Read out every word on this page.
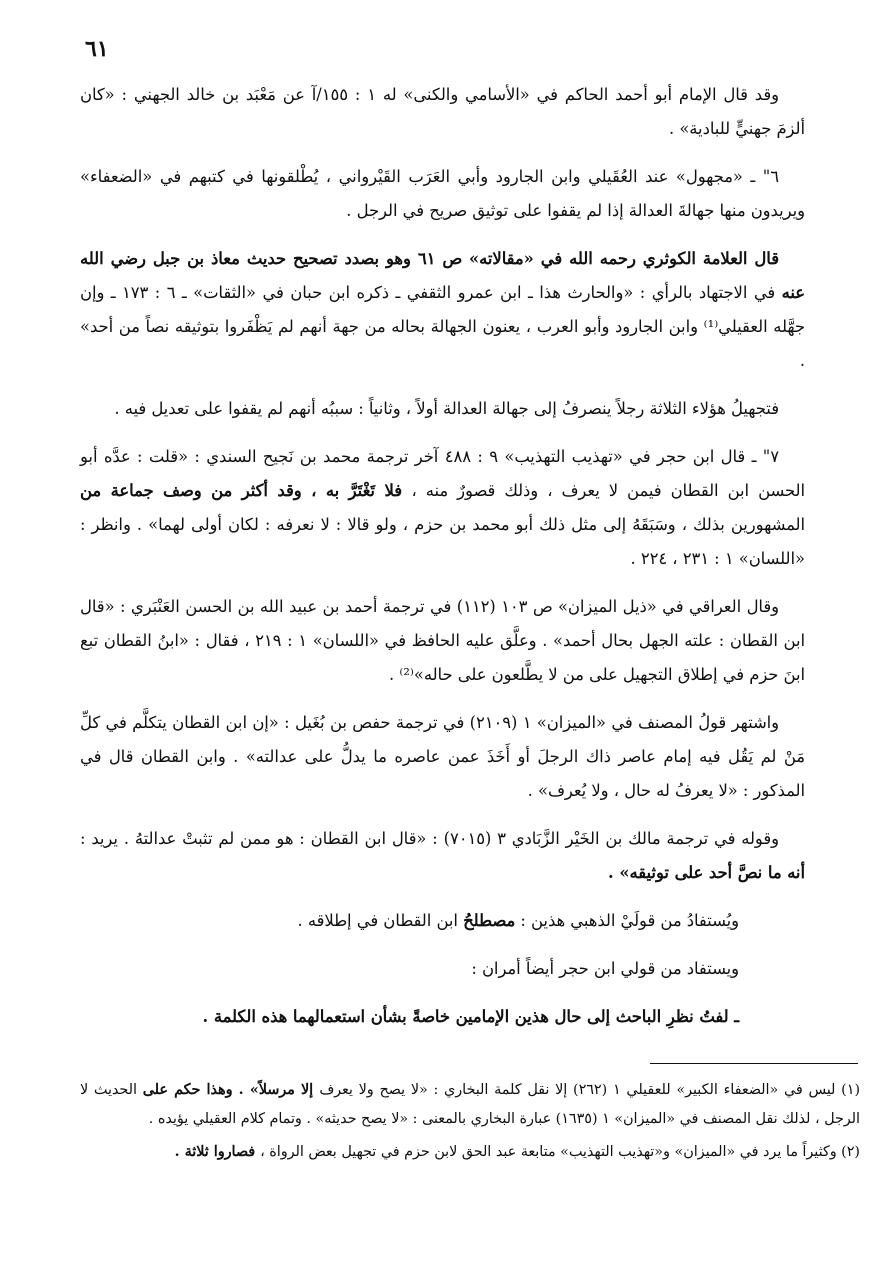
٦١

وقد قال الإمام أبو أحمد الحاكم في «الأسامي والكنى» له ١ : ١٥٥/آ عن مَعْبَد بن خالد الجهني : «كان ألزمَ جهنيٍّ للبادية» .

٦" ـ «مجهول» عند العُقَيلي وابن الجارود وأبي العَرَب القَيْرواني ، يُطْلقونها في كتبهم في «الضعفاء» ويريدون منها جهالةَ العدالة إذا لم يقفوا على توثيق صريح في الرجل .

قال العلامة الكوثري رحمه الله في «مقالاته» ص ٦١ وهو بصدد تصحيح حديث معاذ بن جبل رضي الله عنه في الاجتهاد بالرأي : «والحارث هذا ـ ابن عمرو الثقفي ـ ذكره ابن حبان في «الثقات» ـ ٦ : ١٧٣ ـ وإن جهَّله العقيلي⁽¹⁾ وابن الجارود وأبو العرب ، يعنون الجهالة بحاله من جهة أنهم لم يَظْفَروا بتوثيقه نصاً من أحد» .

فتجهيلُ هؤلاء الثلاثة رجلاً ينصرفُ إلى جهالة العدالة أولاً ، وثانياً : سببُه أنهم لم يقفوا على تعديل فيه .

٧" ـ قال ابن حجر في «تهذيب التهذيب» ٩ : ٤٨٨ آخر ترجمة محمد بن نَجيح السندي : «قلت : عدَّه أبو الحسن ابن القطان فيمن لا يعرف ، وذلك قصورٌ منه ، فلا تَغْتَرَّ به ، وقد أكثر من وصف جماعة من المشهورين بذلك ، وسَبَقَهُ إلى مثل ذلك أبو محمد بن حزم ، ولو قالا : لا نعرفه : لكان أولى لهما» . وانظر : «اللسان» ١ : ٢٣١ ، ٢٢٤ .

وقال العراقي في «ذيل الميزان» ص ١٠٣ (١١٢) في ترجمة أحمد بن عبيد الله بن الحسن العَنْبَري : «قال ابن القطان : علته الجهل بحال أحمد» . وعلَّق عليه الحافظ في «اللسان» ١ : ٢١٩ ، فقال : «ابنُ القطان تبع ابنَ حزم في إطلاق التجهيل على من لا يطَّلعون على حاله»⁽²⁾ .

واشتهر قولُ المصنف في «الميزان» ١ (٢١٠٩) في ترجمة حفص بن بُغَيل : «إن ابن القطان يتكلَّم في كلِّ مَنْ لم يَقُل فيه إمام عاصر ذاك الرجلَ أو أَخَذَ عمن عاصره ما يدلُّ على عدالته» . وابن القطان قال في المذكور : «لا يعرفُ له حال ، ولا يُعرف» .

وقوله في ترجمة مالك بن الخَيْر الزَّبَادي ٣ (٧٠١٥) : «قال ابن القطان : هو ممن لم تثبتْ عدالتهُ . يريد : أنه ما نصَّ أحد على توثيقه» .

ويُستفادُ من قولَيْ الذهبي هذين : مصطلحُ ابن القطان في إطلاقه .

ويستفاد من قولي ابن حجر أيضاً أمران :

ـ لفتُ نظرِ الباحث إلى حال هذين الإمامين خاصةً بشأن استعمالهما هذه الكلمة .

(١) ليس في «الضعفاء الكبير» للعقيلي ١ (٢٦٢) إلا نقل كلمة البخاري : «لا يصح ولا يعرف إلا مرسلاً» . وهذا حكم على الحديث لا الرجل ، لذلك نقل المصنف في «الميزان» ١ (١٦٣٥) عبارة البخاري بالمعنى : «لا يصح حديثه» . وتمام كلام العقيلي يؤيده .

(٢) وكثيراً ما يرد في «الميزان» و«تهذيب التهذيب» متابعة عبد الحق لابن حزم في تجهيل بعض الرواة ، فصاروا ثلاثة .
